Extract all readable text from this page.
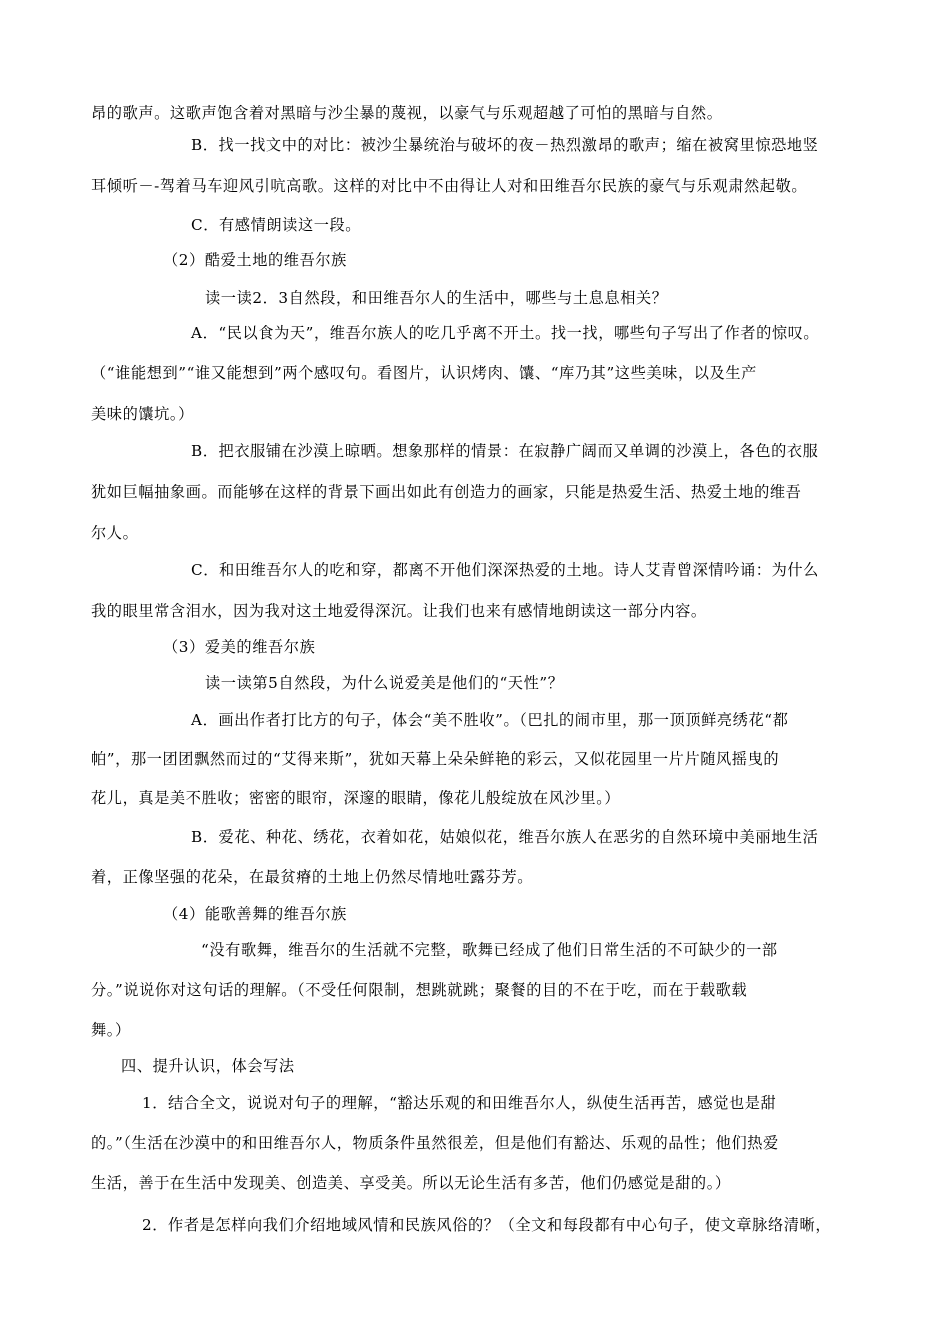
昂的歌声。这歌声饱含着对黑暗与沙尘暴的蔑视，以豪气与乐观超越了可怕的黑暗与自然。
B．找一找文中的对比：被沙尘暴统治与破坏的夜－热烈激昂的歌声；缩在被窝里惊恐地竖
耳倾听－-驾着马车迎风引吭高歌。这样的对比中不由得让人对和田维吾尔民族的豪气与乐观肃然起敬。
C．有感情朗读这一段。
（2）酷爱土地的维吾尔族
读一读2．3自然段，和田维吾尔人的生活中，哪些与土息息相关？
A．“民以食为天”，维吾尔族人的吃几乎离不开土。找一找，哪些句子写出了作者的惊叹。
（“谁能想到”“谁又能想到”两个感叹句。看图片，认识烤肉、馕、“库乃其”这些美味，以及生产
美味的馕坑。）
B．把衣服铺在沙漠上晾晒。想象那样的情景：在寂静广阔而又单调的沙漠上，各色的衣服
犹如巨幅抽象画。而能够在这样的背景下画出如此有创造力的画家，只能是热爱生活、热爱土地的维吾
尔人。
C．和田维吾尔人的吃和穿，都离不开他们深深热爱的土地。诗人艾青曾深情吟诵：为什么
我的眼里常含泪水，因为我对这土地爱得深沉。让我们也来有感情地朗读这一部分内容。
（3）爱美的维吾尔族
读一读第5自然段，为什么说爱美是他们的“天性”？
A．画出作者打比方的句子，体会“美不胜收”。（巴扎的闹市里，那一顶顶鲜亮绣花“都
帕”，那一团团飘然而过的“艾得来斯”，犹如天幕上朵朵鲜艳的彩云，又似花园里一片片随风摇曳的
花儿，真是美不胜收；密密的眼帘，深邃的眼睛，像花儿般绽放在风沙里。）
B．爱花、种花、绣花，衣着如花，姑娘似花，维吾尔族人在恶劣的自然环境中美丽地生活
着，正像坚强的花朵，在最贫瘠的土地上仍然尽情地吐露芬芳。
（4）能歌善舞的维吾尔族
“没有歌舞，维吾尔的生活就不完整，歌舞已经成了他们日常生活的不可缺少的一部
分。”说说你对这句话的理解。（不受任何限制，想跳就跳；聚餐的目的不在于吃，而在于载歌载
舞。）
四、提升认识，体会写法
1．结合全文，说说对句子的理解，“豁达乐观的和田维吾尔人，纵使生活再苦，感觉也是甜
的。”（生活在沙漠中的和田维吾尔人，物质条件虽然很差，但是他们有豁达、乐观的品性；他们热爱
生活，善于在生活中发现美、创造美、享受美。所以无论生活有多苦，他们仍感觉是甜的。）
2．作者是怎样向我们介绍地域风情和民族风俗的？（全文和每段都有中心句子，使文章脉络清晰，
